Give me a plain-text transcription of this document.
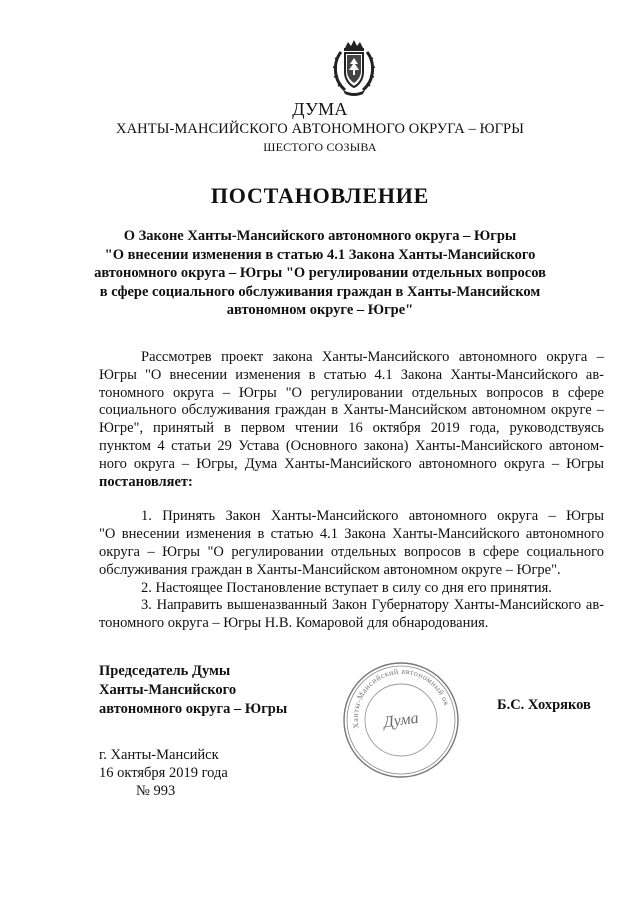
ДУМА
ХАНТЫ-МАНСИЙСКОГО АВТОНОМНОГО ОКРУГА – ЮГРЫ
ШЕСТОГО СОЗЫВА
ПОСТАНОВЛЕНИЕ
О Законе Ханты-Мансийского автономного округа – Югры
"О внесении изменения в статью 4.1 Закона Ханты-Мансийского
автономного округа – Югры "О регулировании отдельных вопросов
в сфере социального обслуживания граждан в Ханты-Мансийском
автономном округе – Югре"
Рассмотрев проект закона Ханты-Мансийского автономного округа –
Югры "О внесении изменения в статью 4.1 Закона Ханты-Мансийского ав-
тономного округа – Югры "О регулировании отдельных вопросов в сфере
социального обслуживания граждан в Ханты-Мансийском автономном округе –
Югре", принятый в первом чтении 16 октября 2019 года, руководствуясь
пунктом 4 статьи 29 Устава (Основного закона) Ханты-Мансийского автоном-
ного округа – Югры, Дума Ханты-Мансийского автономного округа – Югры
постановляет:
1. Принять Закон Ханты-Мансийского автономного округа – Югры
"О внесении изменения в статью 4.1 Закона Ханты-Мансийского автономного
округа – Югры "О регулировании отдельных вопросов в сфере социального
обслуживания граждан в Ханты-Мансийском автономном округе – Югре".
2. Настоящее Постановление вступает в силу со дня его принятия.
3. Направить вышеназванный Закон Губернатору Ханты-Мансийского ав-
тономного округа – Югры Н.В. Комаровой для обнародования.
Председатель Думы
Ханты-Мансийского
автономного округа – Югры	Б.С. Хохряков
Ханты-Мансийский автономный ок
Дума
г. Ханты-Мансийск
16 октября 2019 года
№ 993
